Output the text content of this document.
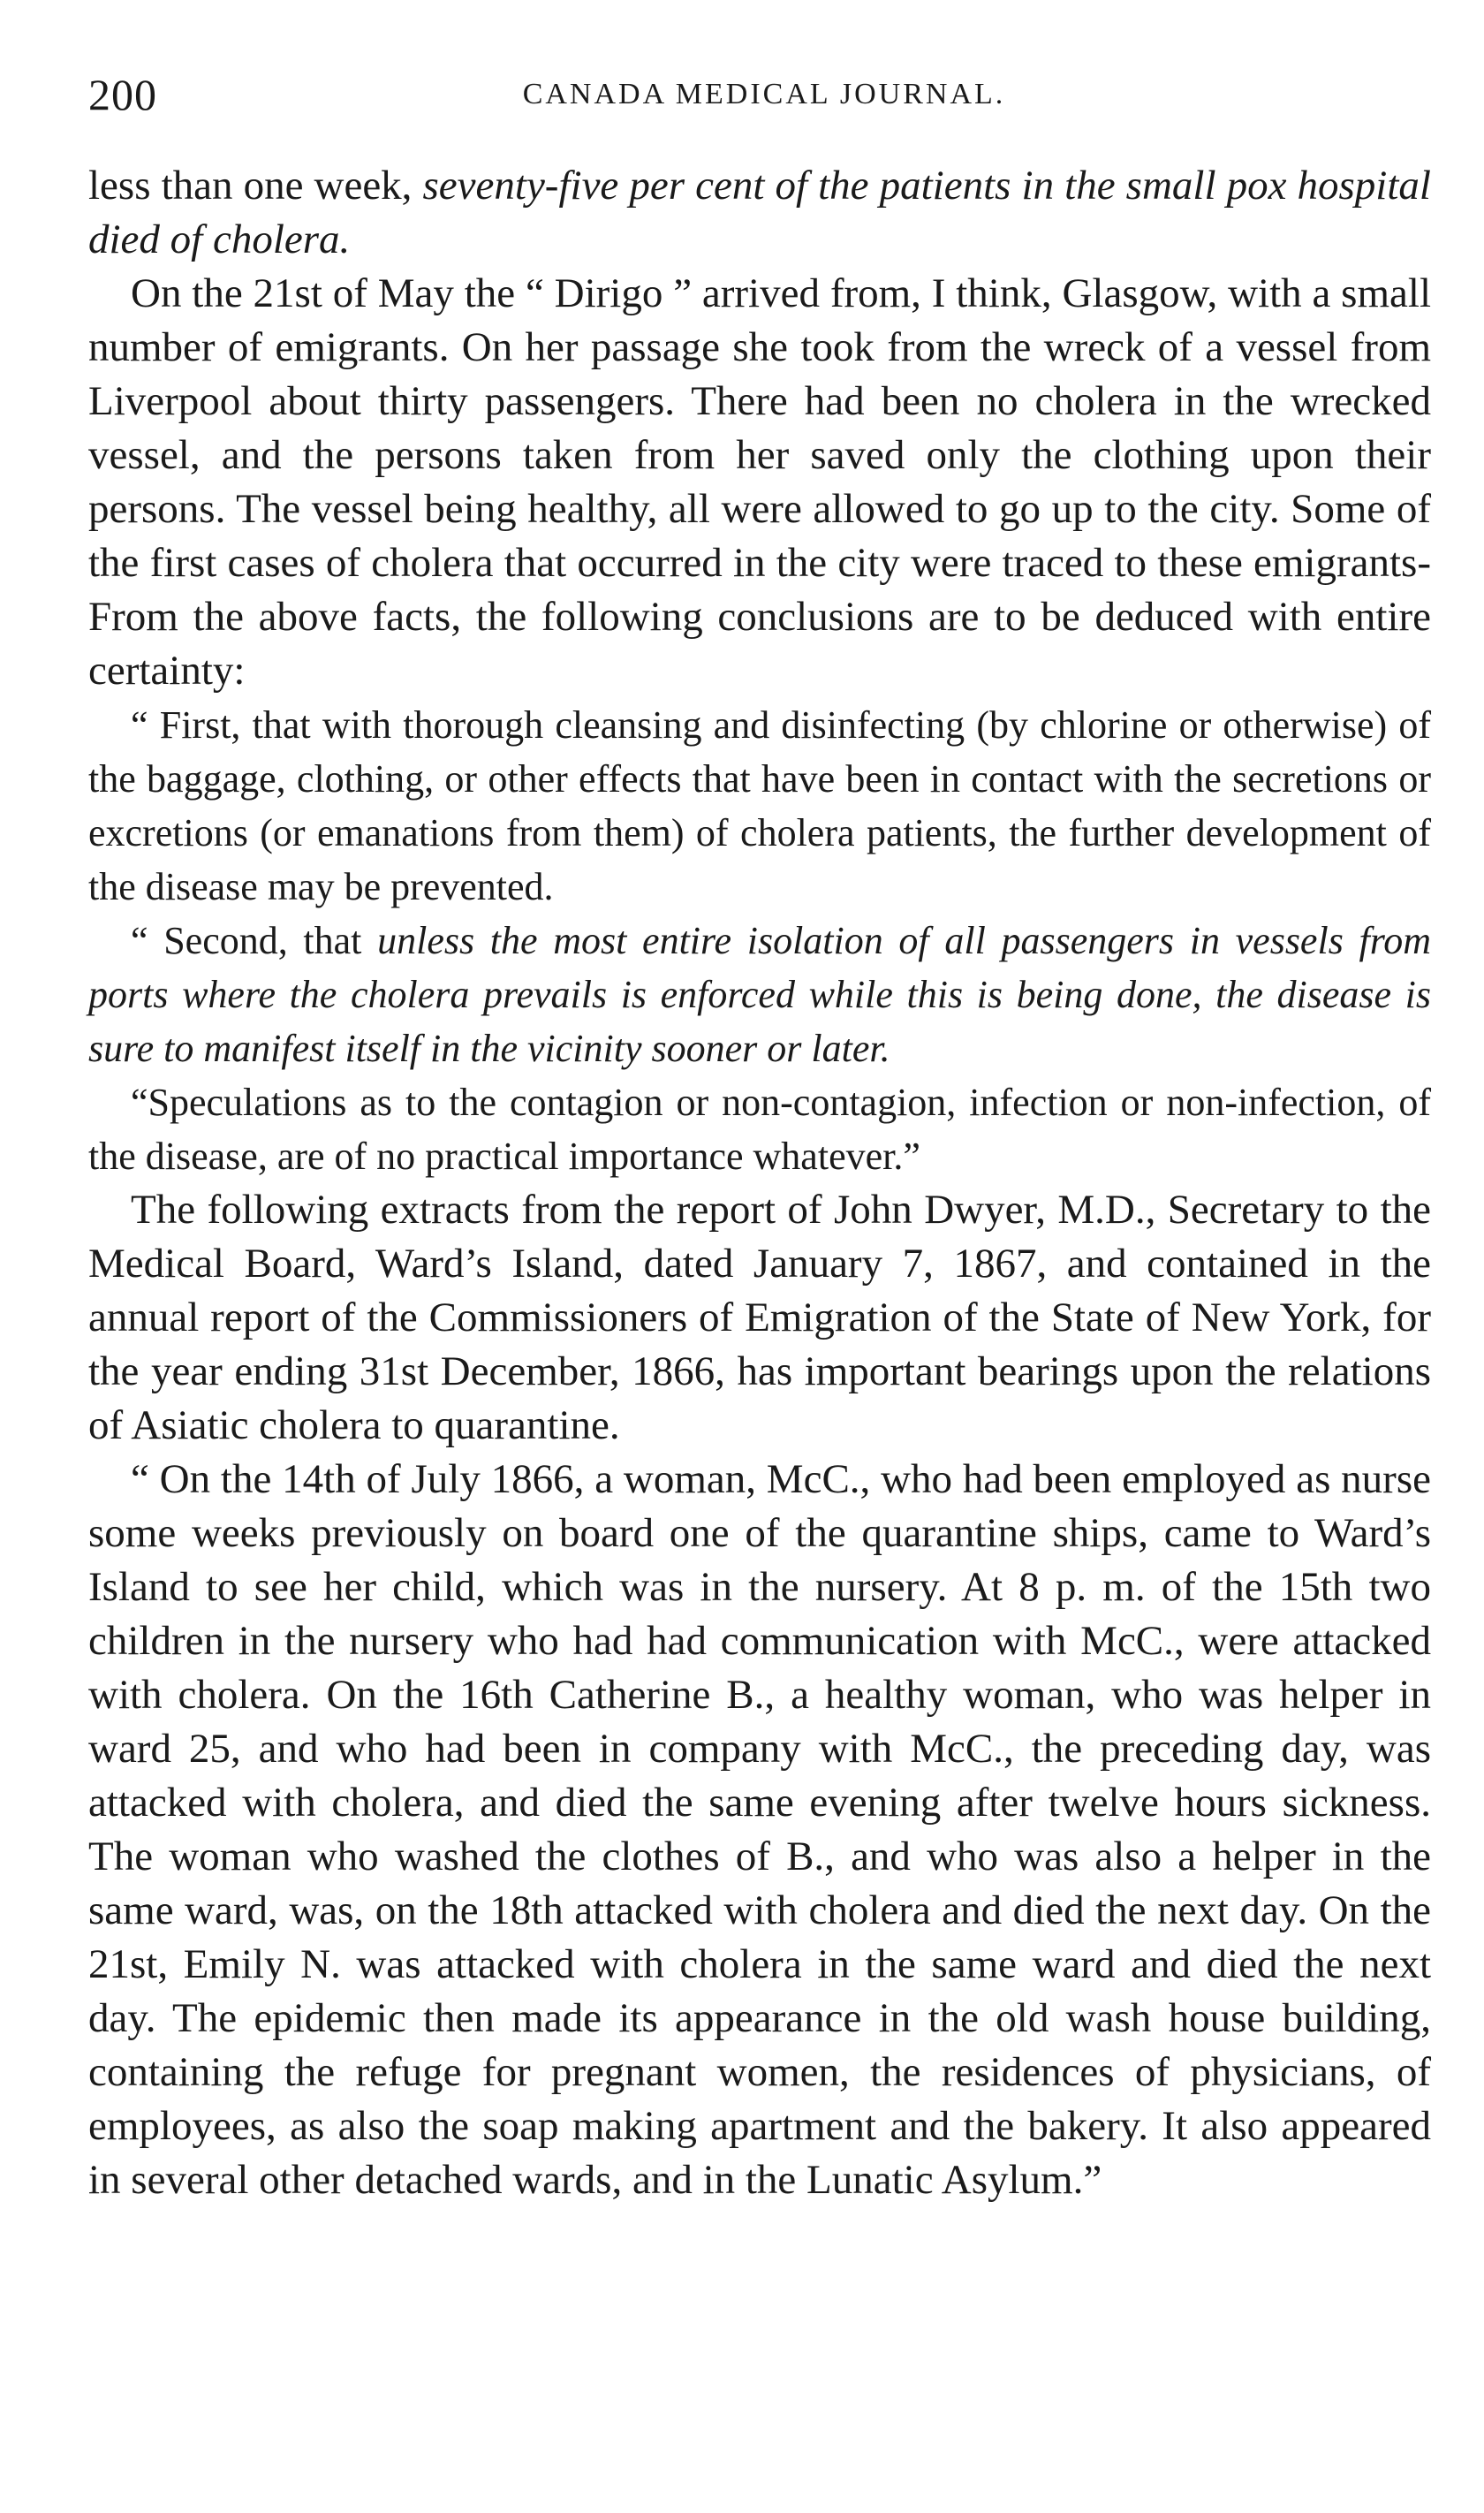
200	CANADA MEDICAL JOURNAL.

less than one week, seventy-five per cent of the patients in the small pox hospital died of cholera.

On the 21st of May the “ Dirigo ” arrived from, I think, Glasgow, with a small number of emigrants. On her passage she took from the wreck of a vessel from Liverpool about thirty passengers. There had been no cholera in the wrecked vessel, and the persons taken from her saved only the clothing upon their persons. The vessel being healthy, all were allowed to go up to the city. Some of the first cases of cholera that occurred in the city were traced to these emigrants- From the above facts, the following conclusions are to be deduced with entire certainty:

“ First, that with thorough cleansing and disinfecting (by chlorine or otherwise) of the baggage, clothing, or other effects that have been in contact with the secretions or excretions (or emanations from them) of cholera patients, the further development of the disease may be prevented.

“ Second, that unless the most entire isolation of all passengers in vessels from ports where the cholera prevails is enforced while this is being done, the disease is sure to manifest itself in the vicinity sooner or later.

“Speculations as to the contagion or non-contagion, infection or non-infection, of the disease, are of no practical importance whatever.”

The following extracts from the report of John Dwyer, M.D., Secretary to the Medical Board, Ward’s Island, dated January 7, 1867, and contained in the annual report of the Commissioners of Emigration of the State of New York, for the year ending 31st December, 1866, has important bearings upon the relations of Asiatic cholera to quarantine.

“ On the 14th of July 1866, a woman, McC., who had been employed as nurse some weeks previously on board one of the quarantine ships, came to Ward’s Island to see her child, which was in the nursery. At 8 p. m. of the 15th two children in the nursery who had had communication with McC., were attacked with cholera. On the 16th Catherine B., a healthy woman, who was helper in ward 25, and who had been in company with McC., the preceding day, was attacked with cholera, and died the same evening after twelve hours sickness. The woman who washed the clothes of B., and who was also a helper in the same ward, was, on the 18th attacked with cholera and died the next day. On the 21st, Emily N. was attacked with cholera in the same ward and died the next day. The epidemic then made its appearance in the old wash house building, containing the refuge for pregnant women, the residences of physicians, of employees, as also the soap making apartment and the bakery. It also appeared in several other detached wards, and in the Lunatic Asylum.”
